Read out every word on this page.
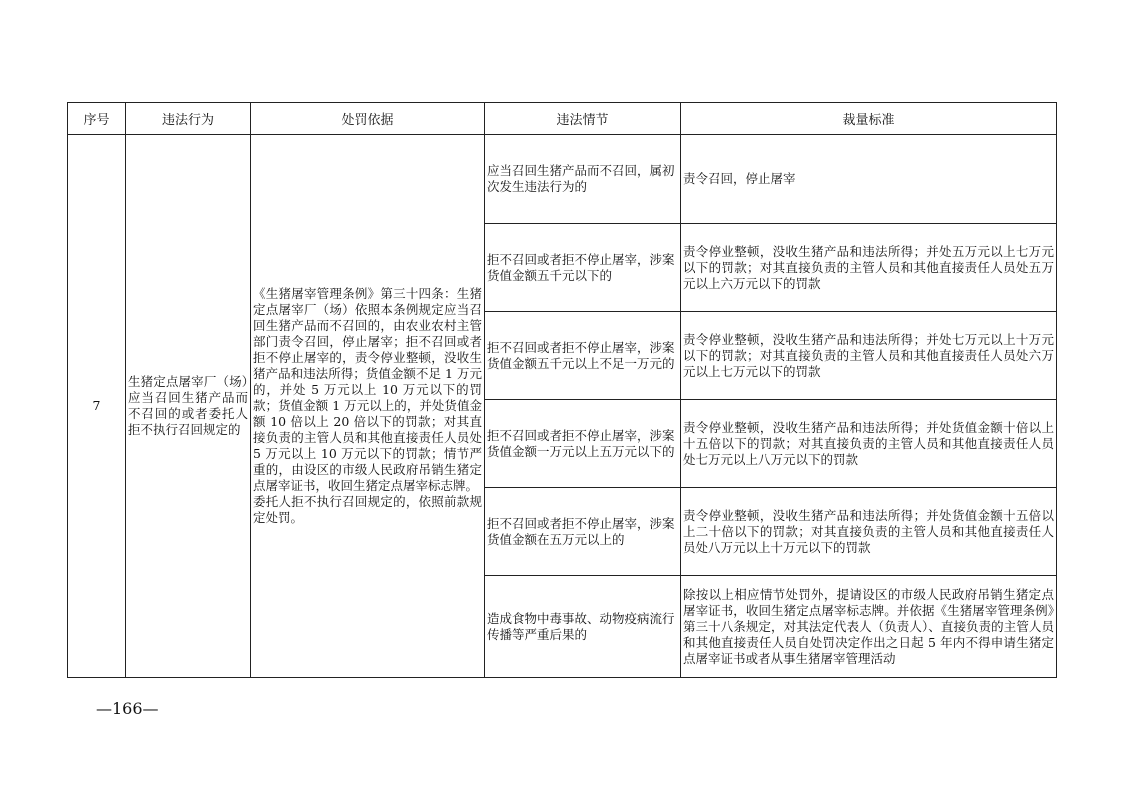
序号	违法行为	处罚依据	违法情节	裁量标准
7	生猪定点屠宰厂（场）应当召回生猪产品而不召回的或者委托人拒不执行召回规定的	《生猪屠宰管理条例》第三十四条：生猪定点屠宰厂（场）依照本条例规定应当召回生猪产品而不召回的，由农业农村主管部门责令召回，停止屠宰；拒不召回或者拒不停止屠宰的，责令停业整顿，没收生猪产品和违法所得；货值金额不足 1 万元的，并处 5 万元以上 10 万元以下的罚款；货值金额 1 万元以上的，并处货值金额 10 倍以上 20 倍以下的罚款；对其直接负责的主管人员和其他直接责任人员处 5 万元以上 10 万元以下的罚款；情节严重的，由设区的市级人民政府吊销生猪定点屠宰证书，收回生猪定点屠宰标志牌。
委托人拒不执行召回规定的，依照前款规定处罚。	应当召回生猪产品而不召回，属初次发生违法行为的	责令召回，停止屠宰
			拒不召回或者拒不停止屠宰，涉案货值金额五千元以下的	责令停业整顿，没收生猪产品和违法所得；并处五万元以上七万元以下的罚款；对其直接负责的主管人员和其他直接责任人员处五万元以上六万元以下的罚款
			拒不召回或者拒不停止屠宰，涉案货值金额五千元以上不足一万元的	责令停业整顿，没收生猪产品和违法所得；并处七万元以上十万元以下的罚款；对其直接负责的主管人员和其他直接责任人员处六万元以上七万元以下的罚款
			拒不召回或者拒不停止屠宰，涉案货值金额一万元以上五万元以下的	责令停业整顿，没收生猪产品和违法所得；并处货值金额十倍以上十五倍以下的罚款；对其直接负责的主管人员和其他直接责任人员处七万元以上八万元以下的罚款
			拒不召回或者拒不停止屠宰，涉案货值金额在五万元以上的	责令停业整顿，没收生猪产品和违法所得；并处货值金额十五倍以上二十倍以下的罚款；对其直接负责的主管人员和其他直接责任人员处八万元以上十万元以下的罚款
			造成食物中毒事故、动物疫病流行传播等严重后果的	除按以上相应情节处罚外，提请设区的市级人民政府吊销生猪定点屠宰证书，收回生猪定点屠宰标志牌。并依据《生猪屠宰管理条例》第三十八条规定，对其法定代表人（负责人）、直接负责的主管人员和其他直接责任人员自处罚决定作出之日起 5 年内不得申请生猪定点屠宰证书或者从事生猪屠宰管理活动
—166—
